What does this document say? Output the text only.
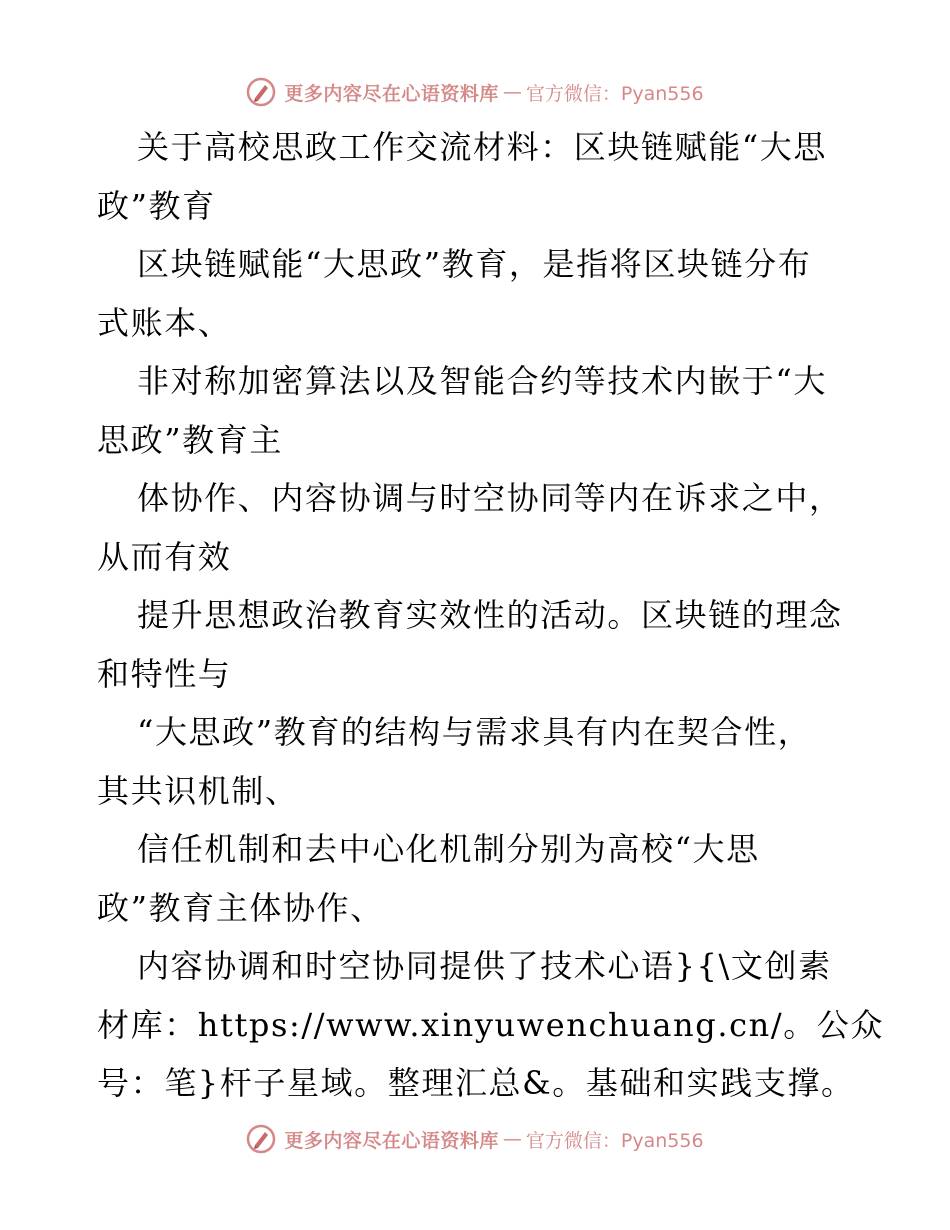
更多内容尽在心语资料库 — 官方微信：Pyan556
关于高校思政工作交流材料：区块链赋能“大思
政”教育
区块链赋能“大思政”教育，是指将区块链分布
式账本、
非对称加密算法以及智能合约等技术内嵌于“大
思政”教育主
体协作、内容协调与时空协同等内在诉求之中，
从而有效
提升思想政治教育实效性的活动。区块链的理念
和特性与
“大思政”教育的结构与需求具有内在契合性，
其共识机制、
信任机制和去中心化机制分别为高校“大思
政”教育主体协作、
内容协调和时空协同提供了技术心语}{\文创素
材库：https://www.xinyuwenchuang.cn/。公众
号：笔}杆子星域。整理汇总&。基础和实践支撑。
更多内容尽在心语资料库 — 官方微信：Pyan556
